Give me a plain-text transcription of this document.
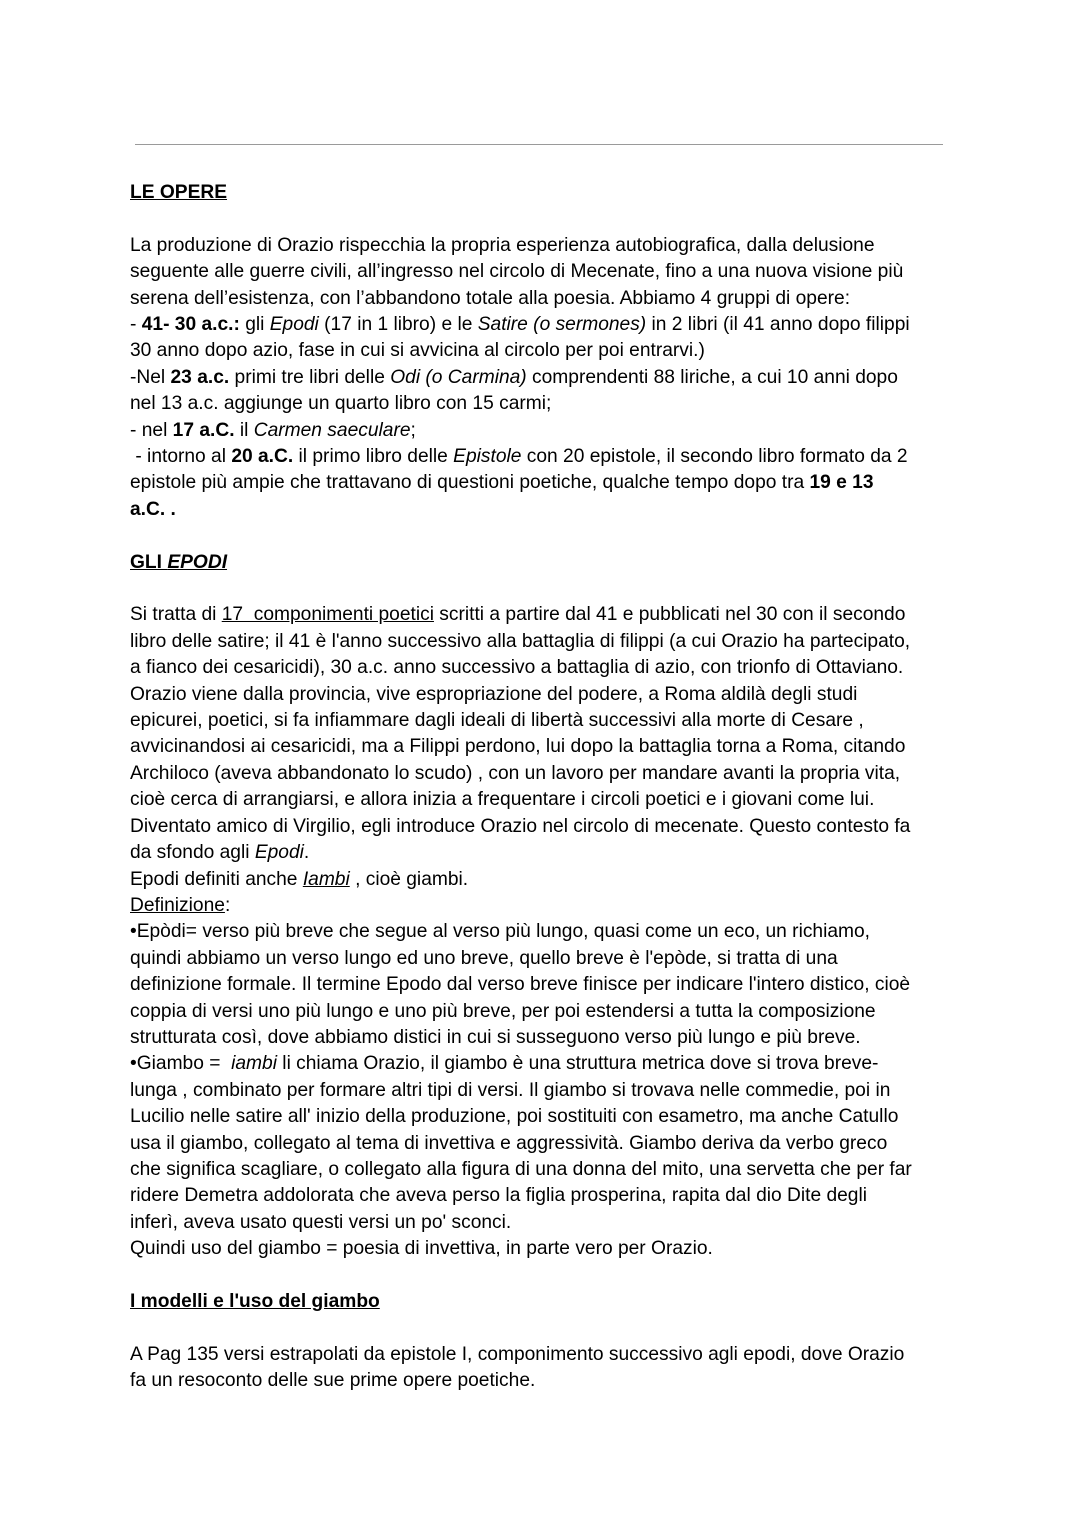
LE OPERE

La produzione di Orazio rispecchia la propria esperienza autobiografica, dalla delusione

seguente alle guerre civili, all’ingresso nel circolo di Mecenate, fino a una nuova visione più

serena dell’esistenza, con l’abbandono totale alla poesia. Abbiamo 4 gruppi di opere:

- 41- 30 a.c.: gli Epodi (17 in 1 libro) e le Satire (o sermones) in 2 libri (il 41 anno dopo filippi

30 anno dopo azio, fase in cui si avvicina al circolo per poi entrarvi.)

-Nel 23 a.c. primi tre libri delle Odi (o Carmina) comprendenti 88 liriche, a cui 10 anni dopo

nel 13 a.c. aggiunge un quarto libro con 15 carmi;

- nel 17 a.C. il Carmen saeculare;

- intorno al 20 a.C. il primo libro delle Epistole con 20 epistole, il secondo libro formato da 2

epistole più ampie che trattavano di questioni poetiche, qualche tempo dopo tra 19 e 13

a.C. .

GLI EPODI

Si tratta di 17  componimenti poetici scritti a partire dal 41 e pubblicati nel 30 con il secondo

libro delle satire; il 41 è l'anno successivo alla battaglia di filippi (a cui Orazio ha partecipato,

a fianco dei cesaricidi), 30 a.c. anno successivo a battaglia di azio, con trionfo di Ottaviano.

Orazio viene dalla provincia, vive espropriazione del podere, a Roma aldilà degli studi

epicurei, poetici, si fa infiammare dagli ideali di libertà successivi alla morte di Cesare ,

avvicinandosi ai cesaricidi, ma a Filippi perdono, lui dopo la battaglia torna a Roma, citando

Archiloco (aveva abbandonato lo scudo) , con un lavoro per mandare avanti la propria vita,

cioè cerca di arrangiarsi, e allora inizia a frequentare i circoli poetici e i giovani come lui.

Diventato amico di Virgilio, egli introduce Orazio nel circolo di mecenate. Questo contesto fa

da sfondo agli Epodi.

Epodi definiti anche Iambi , cioè giambi.

Definizione:

•Epòdi= verso più breve che segue al verso più lungo, quasi come un eco, un richiamo,

quindi abbiamo un verso lungo ed uno breve, quello breve è l'epòde, si tratta di una

definizione formale. Il termine Epodo dal verso breve finisce per indicare l'intero distico, cioè

coppia di versi uno più lungo e uno più breve, per poi estendersi a tutta la composizione

strutturata così, dove abbiamo distici in cui si susseguono verso più lungo e più breve.

•Giambo =  iambi li chiama Orazio, il giambo è una struttura metrica dove si trova breve-

lunga , combinato per formare altri tipi di versi. Il giambo si trovava nelle commedie, poi in

Lucilio nelle satire all' inizio della produzione, poi sostituiti con esametro, ma anche Catullo

usa il giambo, collegato al tema di invettiva e aggressività. Giambo deriva da verbo greco

che significa scagliare, o collegato alla figura di una donna del mito, una servetta che per far

ridere Demetra addolorata che aveva perso la figlia prosperina, rapita dal dio Dite degli

inferì, aveva usato questi versi un po' sconci.

Quindi uso del giambo = poesia di invettiva, in parte vero per Orazio.

I modelli e l'uso del giambo

A Pag 135 versi estrapolati da epistole I, componimento successivo agli epodi, dove Orazio

fa un resoconto delle sue prime opere poetiche.
